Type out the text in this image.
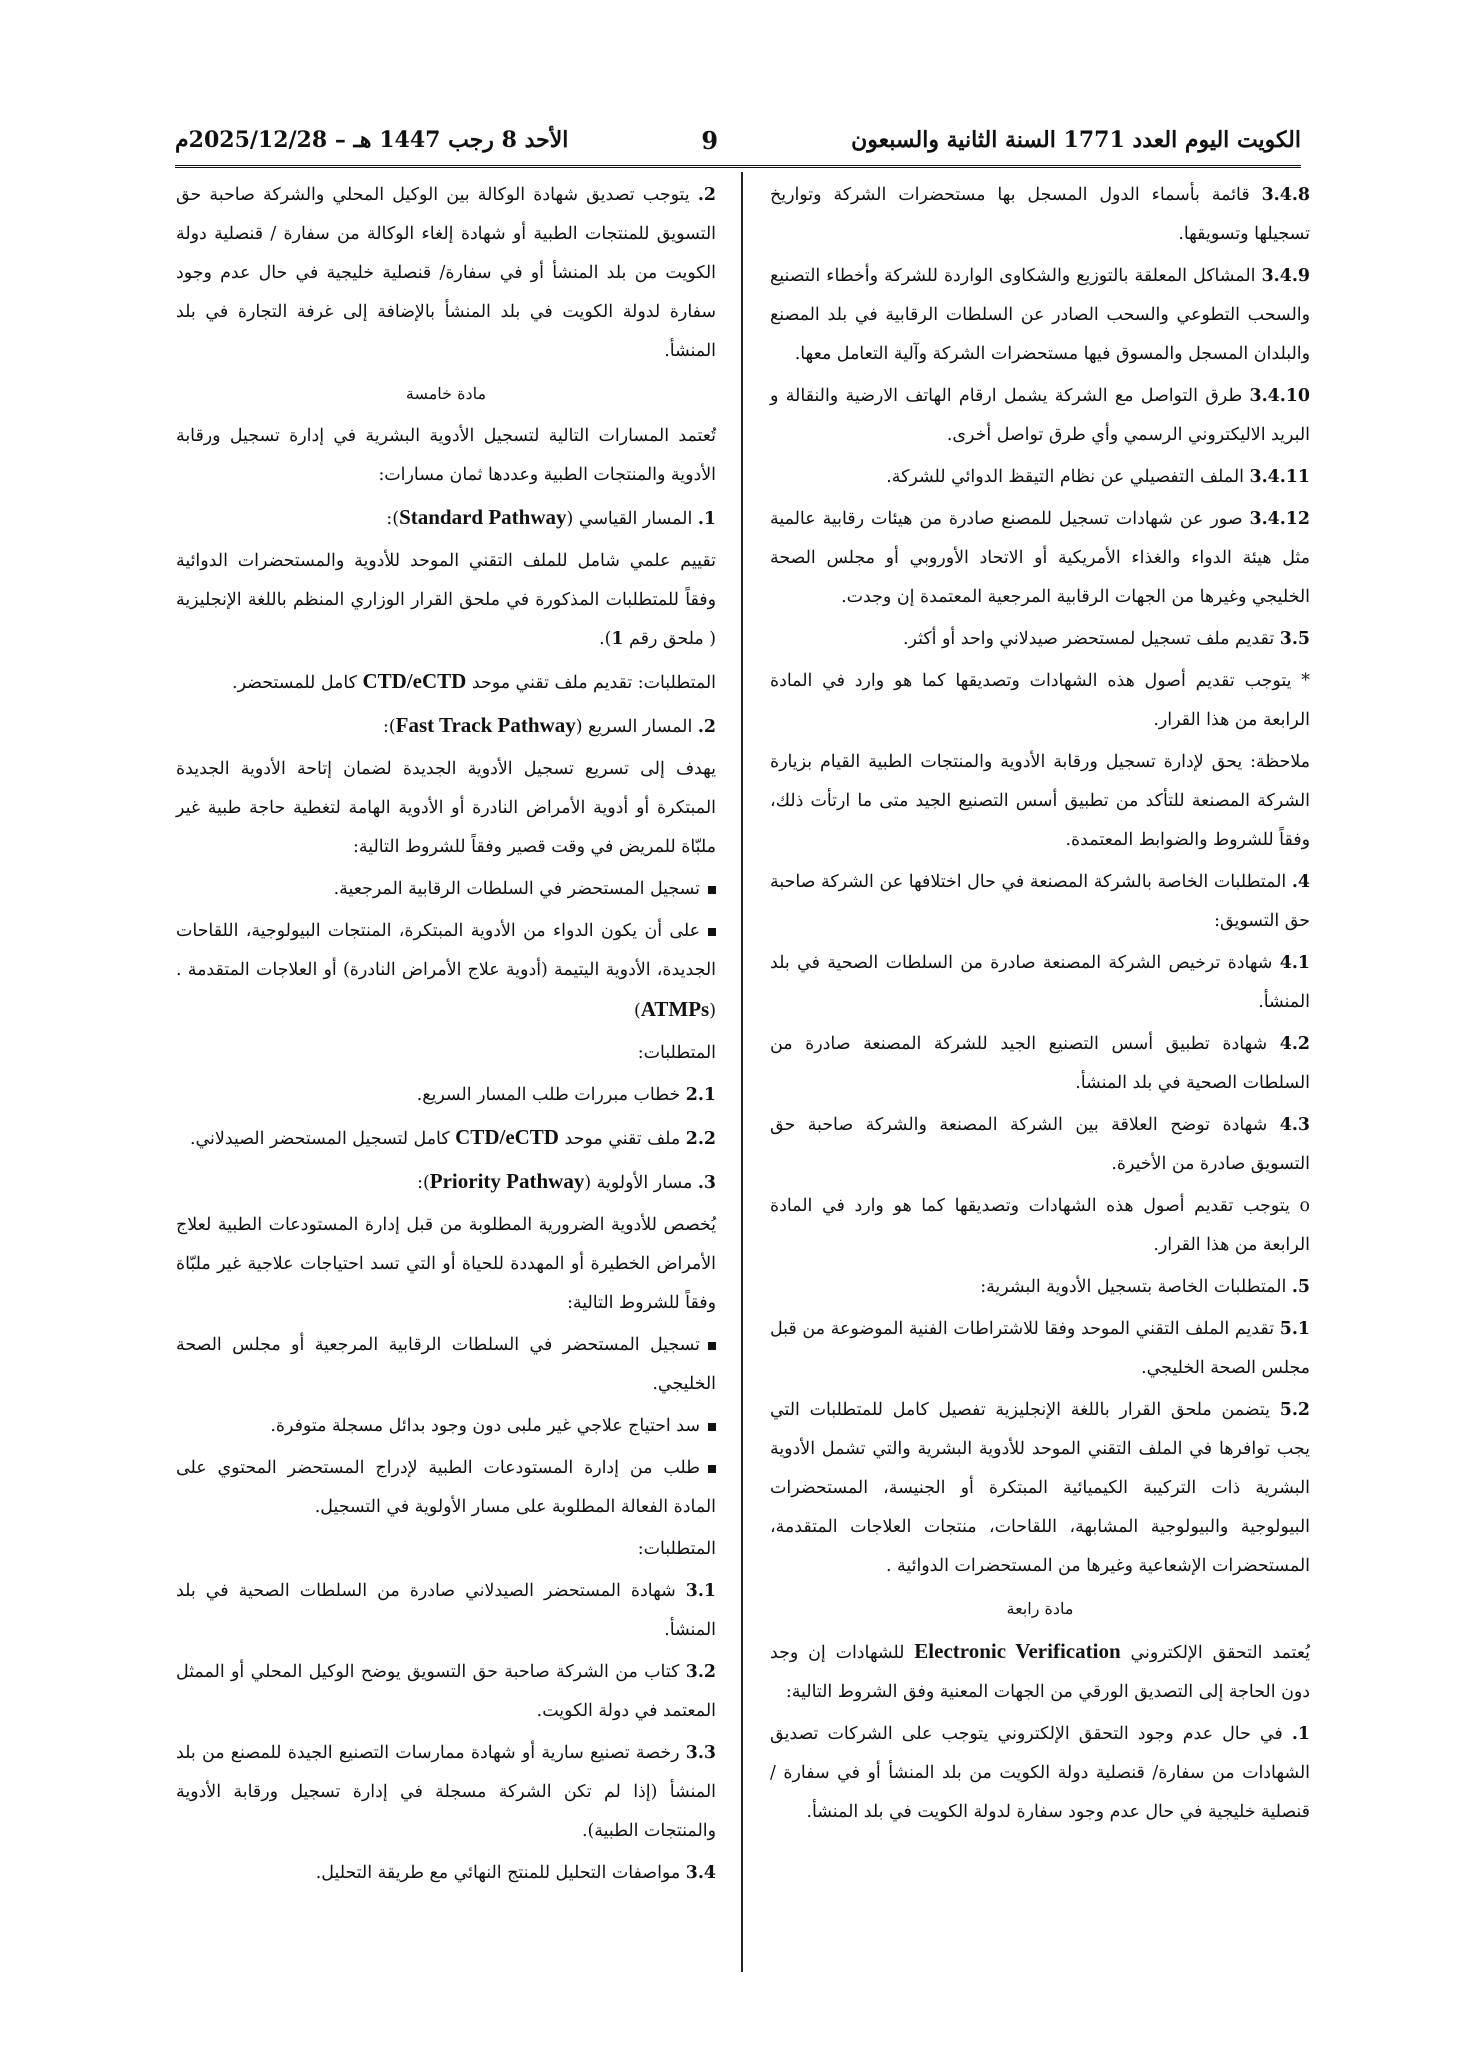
الكويت اليوم العدد 1771 السنة الثانية والسبعون
9
الأحد 8 رجب 1447 هـ – 2025/12/28م

3.4.8 قائمة بأسماء الدول المسجل بها مستحضرات الشركة وتواريخ تسجيلها وتسويقها.

3.4.9 المشاكل المعلقة بالتوزيع والشكاوى الواردة للشركة وأخطاء التصنيع والسحب التطوعي والسحب الصادر عن السلطات الرقابية في بلد المصنع والبلدان المسجل والمسوق فيها مستحضرات الشركة وآلية التعامل معها.

3.4.10 طرق التواصل مع الشركة يشمل ارقام الهاتف الارضية والنقالة و البريد الاليكتروني الرسمي وأي طرق تواصل أخرى.

3.4.11 الملف التفصيلي عن نظام التيقظ الدوائي للشركة.

3.4.12 صور عن شهادات تسجيل للمصنع صادرة من هيئات رقابية عالمية مثل هيئة الدواء والغذاء الأمريكية أو الاتحاد الأوروبي أو مجلس الصحة الخليجي وغيرها من الجهات الرقابية المرجعية المعتمدة إن وجدت.

3.5 تقديم ملف تسجيل لمستحضر صيدلاني واحد أو أكثر.

* يتوجب تقديم أصول هذه الشهادات وتصديقها كما هو وارد في المادة الرابعة من هذا القرار.

ملاحظة: يحق لإدارة تسجيل ورقابة الأدوية والمنتجات الطبية القيام بزيارة الشركة المصنعة للتأكد من تطبيق أسس التصنيع الجيد متى ما ارتأت ذلك، وفقاً للشروط والضوابط المعتمدة.

4. المتطلبات الخاصة بالشركة المصنعة في حال اختلافها عن الشركة صاحبة حق التسويق:

4.1 شهادة ترخيص الشركة المصنعة صادرة من السلطات الصحية في بلد المنشأ.

4.2 شهادة تطبيق أسس التصنيع الجيد للشركة المصنعة صادرة من السلطات الصحية في بلد المنشأ.

4.3 شهادة توضح العلاقة بين الشركة المصنعة والشركة صاحبة حق التسويق صادرة من الأخيرة.

o يتوجب تقديم أصول هذه الشهادات وتصديقها كما هو وارد في المادة الرابعة من هذا القرار.

5. المتطلبات الخاصة بتسجيل الأدوية البشرية:

5.1 تقديم الملف التقني الموحد وفقا للاشتراطات الفنية الموضوعة من قبل مجلس الصحة الخليجي.

5.2 يتضمن ملحق القرار باللغة الإنجليزية تفصيل كامل للمتطلبات التي يجب توافرها في الملف التقني الموحد للأدوية البشرية والتي تشمل الأدوية البشرية ذات التركيبة الكيميائية المبتكرة أو الجنيسة، المستحضرات البيولوجية والبيولوجية المشابهة، اللقاحات، منتجات العلاجات المتقدمة، المستحضرات الإشعاعية وغيرها من المستحضرات الدوائية .

مادة رابعة

يُعتمد التحقق الإلكتروني Electronic Verification للشهادات إن وجد دون الحاجة إلى التصديق الورقي من الجهات المعنية وفق الشروط التالية:

1. في حال عدم وجود التحقق الإلكتروني يتوجب على الشركات تصديق الشهادات من سفارة/ قنصلية دولة الكويت من بلد المنشأ أو في سفارة / قنصلية خليجية في حال عدم وجود سفارة لدولة الكويت في بلد المنشأ.

2. يتوجب تصديق شهادة الوكالة بين الوكيل المحلي والشركة صاحبة حق التسويق للمنتجات الطبية أو شهادة إلغاء الوكالة من سفارة / قنصلية دولة الكويت من بلد المنشأ أو في سفارة/ قنصلية خليجية في حال عدم وجود سفارة لدولة الكويت في بلد المنشأ بالإضافة إلى غرفة التجارة في بلد المنشأ.

مادة خامسة

تُعتمد المسارات التالية لتسجيل الأدوية البشرية في إدارة تسجيل ورقابة الأدوية والمنتجات الطبية وعددها ثمان مسارات:

1. المسار القياسي (Standard Pathway):

تقييم علمي شامل للملف التقني الموحد للأدوية والمستحضرات الدوائية وفقاً للمتطلبات المذكورة في ملحق القرار الوزاري المنظم باللغة الإنجليزية ( ملحق رقم 1).

المتطلبات: تقديم ملف تقني موحد CTD/eCTD كامل للمستحضر.

2. المسار السريع (Fast Track Pathway):

يهدف إلى تسريع تسجيل الأدوية الجديدة لضمان إتاحة الأدوية الجديدة المبتكرة أو أدوية الأمراض النادرة أو الأدوية الهامة لتغطية حاجة طبية غير ملبّاة للمريض في وقت قصير وفقاً للشروط التالية:

تسجيل المستحضر في السلطات الرقابية المرجعية.

على أن يكون الدواء من الأدوية المبتكرة، المنتجات البيولوجية، اللقاحات الجديدة، الأدوية اليتيمة (أدوية علاج الأمراض النادرة) أو العلاجات المتقدمة .(ATMPs)

المتطلبات:

2.1 خطاب مبررات طلب المسار السريع.

2.2 ملف تقني موحد CTD/eCTD كامل لتسجيل المستحضر الصيدلاني.

3. مسار الأولوية (Priority Pathway):

يُخصص للأدوية الضرورية المطلوبة من قبل إدارة المستودعات الطبية لعلاج الأمراض الخطيرة أو المهددة للحياة أو التي تسد احتياجات علاجية غير ملبّاة وفقاً للشروط التالية:

تسجيل المستحضر في السلطات الرقابية المرجعية أو مجلس الصحة الخليجي.

سد احتياج علاجي غير ملبى دون وجود بدائل مسجلة متوفرة.

طلب من إدارة المستودعات الطبية لإدراج المستحضر المحتوي على المادة الفعالة المطلوبة على مسار الأولوية في التسجيل.

المتطلبات:

3.1 شهادة المستحضر الصيدلاني صادرة من السلطات الصحية في بلد المنشأ.

3.2 كتاب من الشركة صاحبة حق التسويق يوضح الوكيل المحلي أو الممثل المعتمد في دولة الكويت.

3.3 رخصة تصنيع سارية أو شهادة ممارسات التصنيع الجيدة للمصنع من بلد المنشأ (إذا لم تكن الشركة مسجلة في إدارة تسجيل ورقابة الأدوية والمنتجات الطبية).

3.4 مواصفات التحليل للمنتج النهائي مع طريقة التحليل.
